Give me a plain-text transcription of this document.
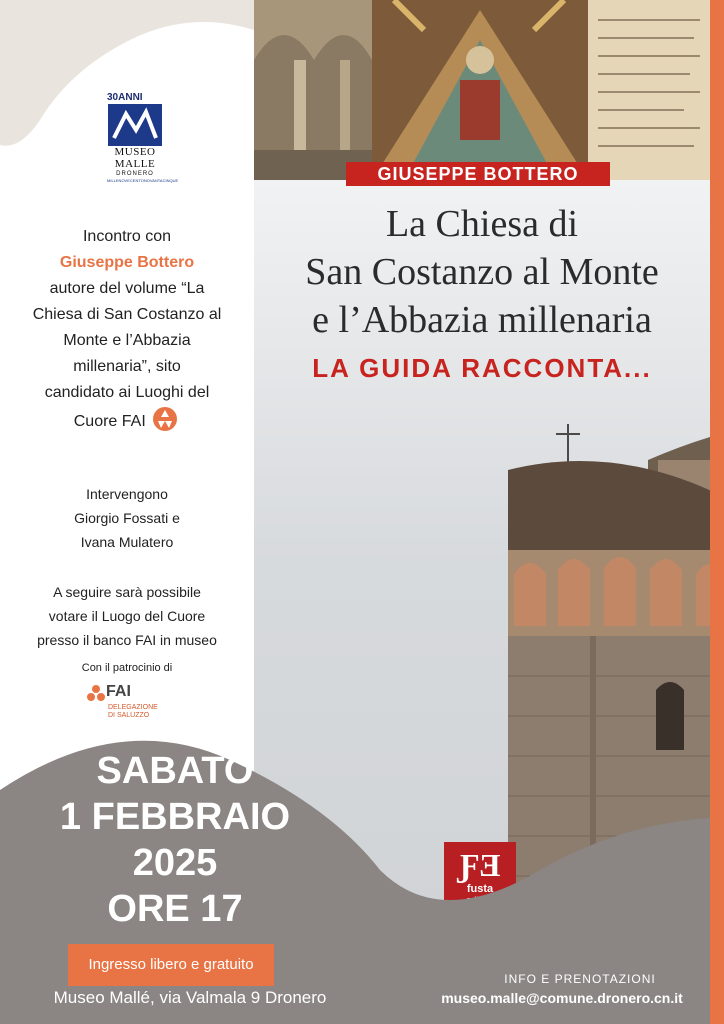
GIUSEPPE BOTTERO
La Chiesa di
San Costanzo al Monte
e l’Abbazia millenaria
LA GUIDA RACCONTA...
ƑƎ
fusta
30ANNI
MUSEO
MALLE
DRONERO
MILLENOVECENTONOVANTACINQUE
Incontro con
Giuseppe Bottero
autore del volume “La
Chiesa di San Costanzo al
Monte e l’Abbazia
millenaria”, sito
candidato ai Luoghi del
Cuore FAI
Intervengono
Giorgio Fossati e
Ivana Mulatero
A seguire sarà possibile
votare il Luogo del Cuore
presso il banco FAI in museo
Con il patrocinio di
FAI
DELEGAZIONE
DI SALUZZO
SABATO
1 FEBBRAIO
2025
ORE 17
Ingresso libero e gratuito
Museo Mallé, via Valmala 9 Dronero
INFO E PRENOTAZIONI
museo.malle@comune.dronero.cn.it
